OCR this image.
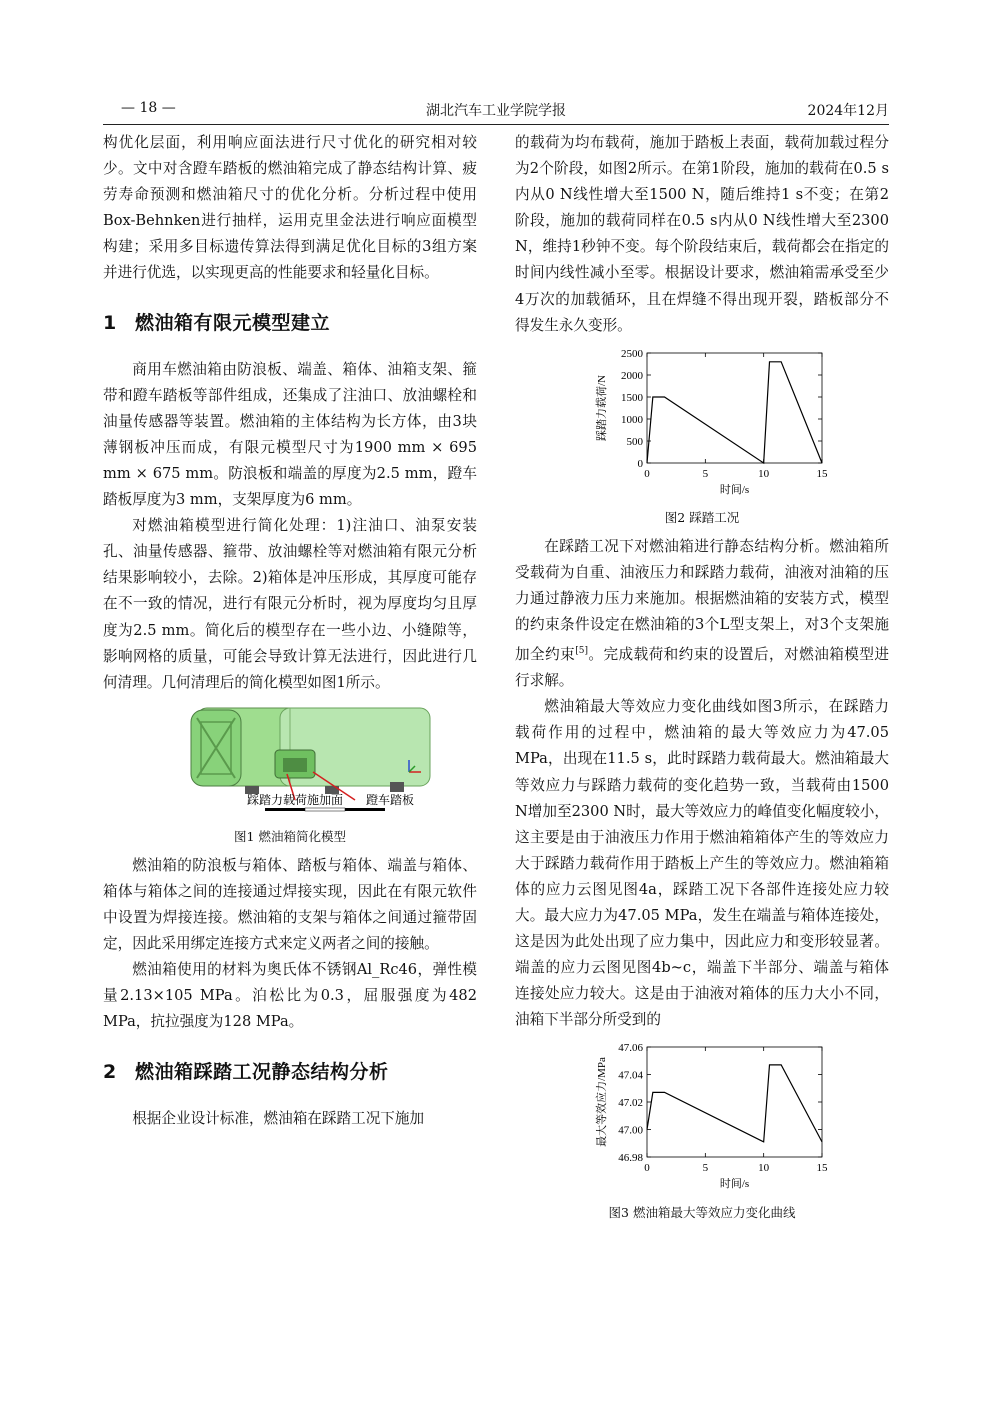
— 18 —	湖北汽车工业学院学报	2024年12月

构优化层面，利用响应面法进行尺寸优化的研究相对较少。文中对含蹬车踏板的燃油箱完成了静态结构计算、疲劳寿命预测和燃油箱尺寸的优化分析。分析过程中使用Box-Behnken进行抽样，运用克里金法进行响应面模型构建；采用多目标遗传算法得到满足优化目标的3组方案并进行优选，以实现更高的性能要求和轻量化目标。

1 燃油箱有限元模型建立

商用车燃油箱由防浪板、端盖、箱体、油箱支架、箍带和蹬车踏板等部件组成，还集成了注油口、放油螺栓和油量传感器等装置。燃油箱的主体结构为长方体，由3块薄钢板冲压而成，有限元模型尺寸为1900 mm × 695 mm × 675 mm。防浪板和端盖的厚度为2.5 mm，蹬车踏板厚度为3 mm，支架厚度为6 mm。

对燃油箱模型进行简化处理：1)注油口、油泵安装孔、油量传感器、箍带、放油螺栓等对燃油箱有限元分析结果影响较小，去除。2)箱体是冲压形成，其厚度可能存在不一致的情况，进行有限元分析时，视为厚度均匀且厚度为2.5 mm。简化后的模型存在一些小边、小缝隙等，影响网格的质量，可能会导致计算无法进行，因此进行几何清理。几何清理后的简化模型如图1所示。

踩踏力载荷施加面 蹬车踏板
图1 燃油箱简化模型

燃油箱的防浪板与箱体、踏板与箱体、端盖与箱体、箱体与箱体之间的连接通过焊接实现，因此在有限元软件中设置为焊接连接。燃油箱的支架与箱体之间通过箍带固定，因此采用绑定连接方式来定义两者之间的接触。

燃油箱使用的材料为奥氏体不锈钢Al_Rc46，弹性模量2.13×105 MPa。泊松比为0.3，屈服强度为482 MPa，抗拉强度为128 MPa。

2 燃油箱踩踏工况静态结构分析

根据企业设计标准，燃油箱在踩踏工况下施加

的载荷为均布载荷，施加于踏板上表面，载荷加载过程分为2个阶段，如图2所示。在第1阶段，施加的载荷在0.5 s内从0 N线性增大至1500 N，随后维持1 s不变；在第2阶段，施加的载荷同样在0.5 s内从0 N线性增大至2300 N，维持1秒钟不变。每个阶段结束后，载荷都会在指定的时间内线性减小至零。根据设计要求，燃油箱需承受至少4万次的加载循环，且在焊缝不得出现开裂，踏板部分不得发生永久变形。

0
500
1000
1500
2000
2500
0	5	10	15
时间/s
踩踏力载荷/N
图2 踩踏工况

在踩踏工况下对燃油箱进行静态结构分析。燃油箱所受载荷为自重、油液压力和踩踏力载荷，油液对油箱的压力通过静液力压力来施加。根据燃油箱的安装方式，模型的约束条件设定在燃油箱的3个L型支架上，对3个支架施加全约束[5]。完成载荷和约束的设置后，对燃油箱模型进行求解。

燃油箱最大等效应力变化曲线如图3所示，在踩踏力载荷作用的过程中，燃油箱的最大等效应力为47.05 MPa，出现在11.5 s，此时踩踏力载荷最大。燃油箱最大等效应力与踩踏力载荷的变化趋势一致，当载荷由1500 N增加至2300 N时，最大等效应力的峰值变化幅度较小，这主要是由于油液压力作用于燃油箱箱体产生的等效应力大于踩踏力载荷作用于踏板上产生的等效应力。燃油箱箱体的应力云图见图4a，踩踏工况下各部件连接处应力较大。最大应力为47.05 MPa，发生在端盖与箱体连接处，这是因为此处出现了应力集中，因此应力和变形较显著。端盖的应力云图见图4b~c，端盖下半部分、端盖与箱体连接处应力较大。这是由于油液对箱体的压力大小不同，油箱下半部分所受到的

46.98
47.00
47.02
47.04
47.06
0	5	10	15
时间/s
最大等效应力/MPa
图3 燃油箱最大等效应力变化曲线
